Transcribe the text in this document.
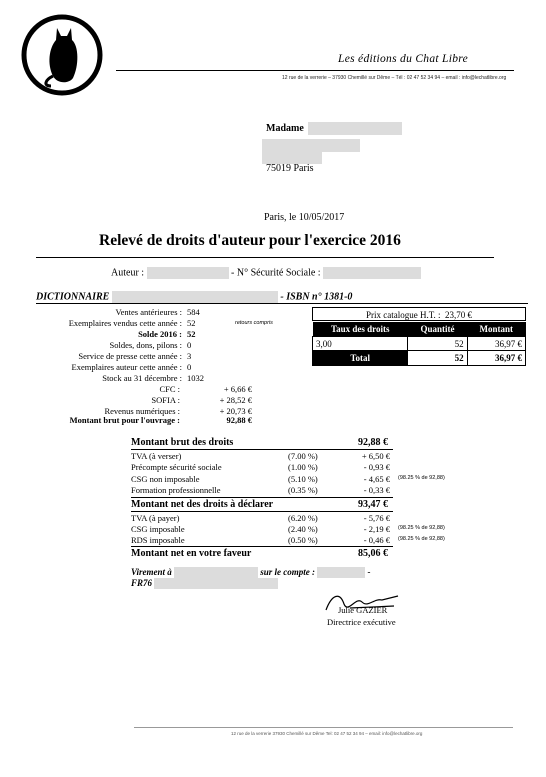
Les éditions du Chat Libre
12 rue de la verrerie – 37930 Chemillé sur Dême – Tél : 02 47 52 34 94 – email : info@lechatlibre.org
Madame
75019 Paris
Paris, le 10/05/2017
Relevé de droits d'auteur pour l'exercice 2016
Auteur :	- N° Sécurité Sociale :
DICTIONNAIRE	- ISBN n° 1381-0
Ventes antérieures : 584
Exemplaires vendus cette année : 52
Solde 2016 : 52
Soldes, dons, pilons : 0
Service de presse cette année : 3
Exemplaires auteur cette année : 0
Stock au 31 décembre : 1032
retours compris
CFC :	+ 6,66 €
SOFIA :	+ 28,52 €
Revenus numériques :	+ 20,73 €
Montant brut pour l'ouvrage :	92,88 €
Prix catalogue H.T. : 23,70 €
Taux des droits	Quantité	Montant
3,00	52	36,97 €
Total	52	36,97 €
Montant brut des droits	92,88 €
TVA (à verser)	(7.00 %)	+ 6,50 €
Précompte sécurité sociale	(1.00 %)	- 0,93 €
CSG non imposable	(5.10 %)	- 4,65 € (98.25 % de 92,88)
Formation professionnelle	(0.35 %)	- 0,33 €
Montant net des droits à déclarer	93,47 €
TVA (à payer)	(6.20 %)	- 5,76 €
CSG imposable	(2.40 %)	- 2,19 € (98.25 % de 92,88)
RDS imposable	(0.50 %)	- 0,46 € (98.25 % de 92,88)
Montant net en votre faveur	85,06 €
Virement à	sur le compte :	-
FR76
Julie GAZIER
Directrice exécutive
12 rue de la verrerie 37930 Chemillé sur Dême Tel: 02 47 52 34 94 – email: info@lechatlibre.org
